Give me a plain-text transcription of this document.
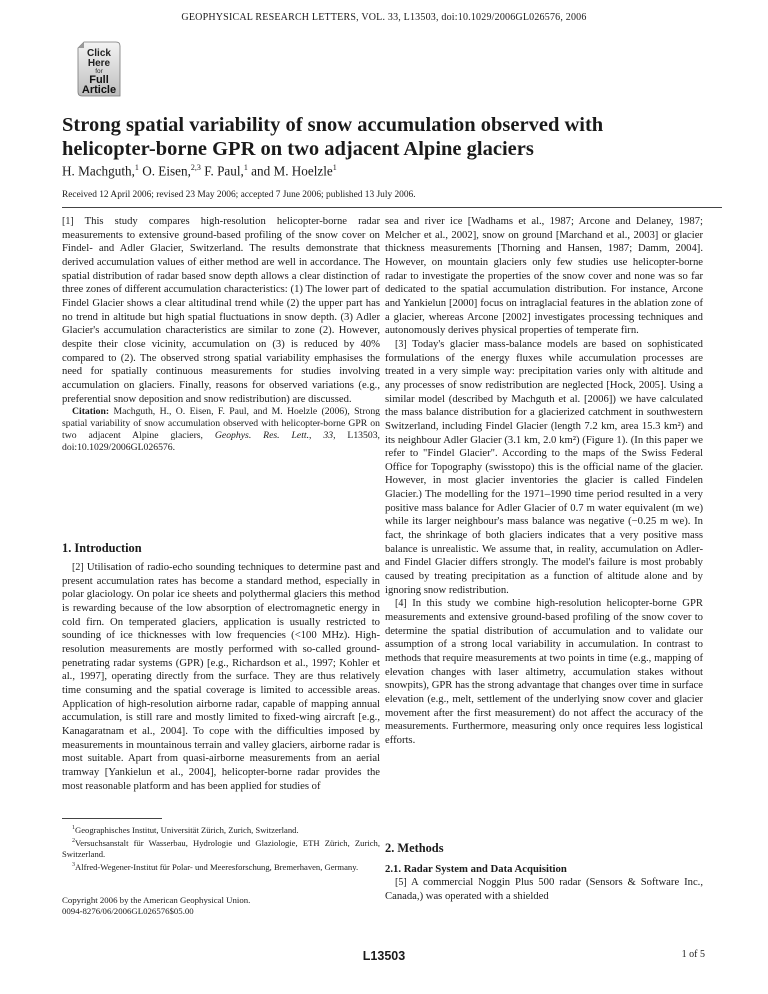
GEOPHYSICAL RESEARCH LETTERS, VOL. 33, L13503, doi:10.1029/2006GL026576, 2006
Click
Here
for
Full
Article
Strong spatial variability of snow accumulation observed with
helicopter-borne GPR on two adjacent Alpine glaciers
H. Machguth,$^1$ O. Eisen,$^{2,3}$ F. Paul,$^1$ and M. Hoelzle$^1$
Received 12 April 2006; revised 23 May 2006; accepted 7 June 2006; published 13 July 2006.

[1] This study compares high-resolution helicopter-borne radar measurements to extensive ground-based profiling of the snow cover on Findel- and Adler Glacier, Switzerland. The results demonstrate that derived accumulation values of either method are well in accordance. The spatial distribution of radar based snow depth allows a clear distinction of three zones of different accumulation characteristics: (1) The lower part of Findel Glacier shows a clear altitudinal trend while (2) the upper part has no trend in altitude but high spatial fluctuations in snow depth. (3) Adler Glacier's accumulation characteristics are similar to zone (2). However, despite their close vicinity, accumulation on (3) is reduced by 40% compared to (2). The observed strong spatial variability emphasises the need for spatially continuous measurements for studies involving accumulation on glaciers. Finally, reasons for observed variations (e.g., preferential snow deposition and snow redistribution) are discussed.

Citation: Machguth, H., O. Eisen, F. Paul, and M. Hoelzle (2006), Strong spatial variability of snow accumulation observed with helicopter-borne GPR on two adjacent Alpine glaciers, Geophys. Res. Lett., 33, L13503, doi:10.1029/2006GL026576.

1. Introduction

[2] Utilisation of radio-echo sounding techniques to determine past and present accumulation rates has become a standard method, especially in polar glaciology. On polar ice sheets and polythermal glaciers this method is rewarding because of the low absorption of electromagnetic energy in cold firn. On temperated glaciers, application is usually restricted to sounding of ice thicknesses with low frequencies (<100 MHz). High-resolution measurements are mostly performed with so-called ground-penetrating radar systems (GPR) [e.g., Richardson et al., 1997; Kohler et al., 1997], operating directly from the surface. They are thus relatively time consuming and the spatial coverage is limited to accessible areas. Application of high-resolution airborne radar, capable of mapping annual accumulation, is still rare and mostly limited to fixed-wing aircraft [e.g., Kanagaratnam et al., 2004]. To cope with the difficulties imposed by measurements in mountainous terrain and valley glaciers, airborne radar is most suitable. Apart from quasi-airborne measurements from an aerial tramway [Yankielun et al., 2004], helicopter-borne radar provides the most reasonable platform and has been applied for studies of

$^1$Geographisches Institut, Universität Zürich, Zurich, Switzerland.

$^2$Versuchsanstalt für Wasserbau, Hydrologie und Glaziologie, ETH Zürich, Zurich, Switzerland.

$^3$Alfred-Wegener-Institut für Polar- und Meeresforschung, Bremerhaven, Germany.

Copyright 2006 by the American Geophysical Union.
0094-8276/06/2006GL026576$05.00

sea and river ice [Wadhams et al., 1987; Arcone and Delaney, 1987; Melcher et al., 2002], snow on ground [Marchand et al., 2003] or glacier thickness measurements [Thorning and Hansen, 1987; Damm, 2004]. However, on mountain glaciers only few studies use helicopter-borne radar to investigate the properties of the snow cover and none was so far dedicated to the spatial accumulation distribution. For instance, Arcone and Yankielun [2000] focus on intraglacial features in the ablation zone of a glacier, whereas Arcone [2002] investigates processing techniques and autonomously derives physical properties of temperate firn.

[3] Today's glacier mass-balance models are based on sophisticated formulations of the energy fluxes while accumulation processes are treated in a very simple way: precipitation varies only with altitude and any processes of snow redistribution are neglected [Hock, 2005]. Using a similar model (described by Machguth et al. [2006]) we have calculated the mass balance distribution for a glacierized catchment in southwestern Switzerland, including Findel Glacier (length 7.2 km, area 15.3 km²) and its neighbour Adler Glacier (3.1 km, 2.0 km²) (Figure 1). (In this paper we refer to "Findel Glacier". According to the maps of the Swiss Federal Office for Topography (swisstopo) this is the official name of the glacier. However, in most glacier inventories the glacier is called Findelen Glacier.) The modelling for the 1971–1990 time period resulted in a very positive mass balance for Adler Glacier of 0.7 m water equivalent (m we) while its larger neighbour's mass balance was negative (−0.25 m we). In fact, the shrinkage of both glaciers indicates that a very positive mass balance is unrealistic. We assume that, in reality, accumulation on Adler- and Findel Glacier differs strongly. The model's failure is most probably caused by treating precipitation as a function of altitude alone and by ignoring snow redistribution.

[4] In this study we combine high-resolution helicopter-borne GPR measurements and extensive ground-based profiling of the snow cover to determine the spatial distribution of accumulation and to validate our assumption of a strong local variability in accumulation. In contrast to methods that require measurements at two points in time (e.g., mapping of elevation changes with laser altimetry, accumulation stakes without snowpits), GPR has the strong advantage that changes over time in surface elevation (e.g., melt, settlement of the underlying snow cover and glacier movement after the first measurement) do not affect the accuracy of the measurements. Furthermore, measuring only once requires less logistical efforts.

2. Methods
2.1. Radar System and Data Acquisition

[5] A commercial Noggin Plus 500 radar (Sensors & Software Inc., Canada,) was operated with a shielded

L13503	1 of 5
